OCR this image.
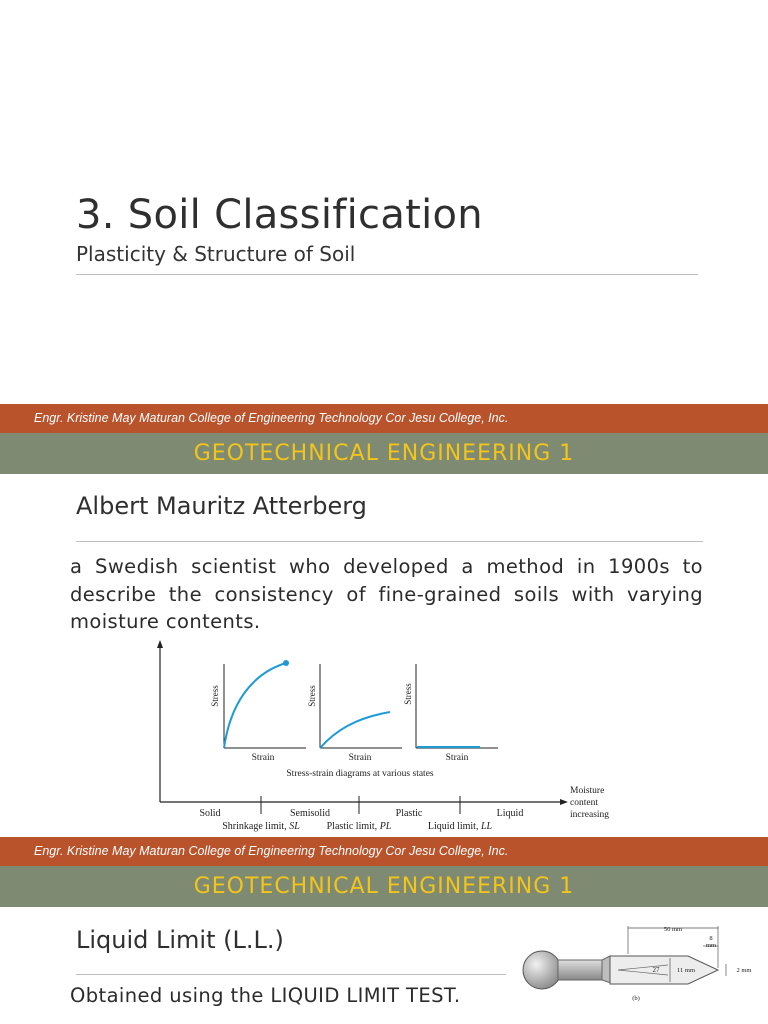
3. Soil Classification
Plasticity & Structure of Soil
Engr. Kristine May Maturan College of Engineering Technology Cor Jesu College, Inc.
GEOTECHNICAL ENGINEERING 1
Albert Mauritz Atterberg
a Swedish scientist who developed a method in 1900s to describe the consistency of fine-grained soils with varying moisture contents.
Stress
Strain
Stress
Strain
Stress
Strain
Stress-strain diagrams at various states
Moisture
content
increasing
Solid	Semisolid	Plastic	Liquid
Shrinkage limit, SL	Plastic limit, PL	Liquid limit, LL
Engr. Kristine May Maturan College of Engineering Technology Cor Jesu College, Inc.
GEOTECHNICAL ENGINEERING 1
Liquid Limit (L.L.)
Obtained using the LIQUID LIMIT TEST.
50 mm
8
mm
27	11 mm	2 mm
(b)
